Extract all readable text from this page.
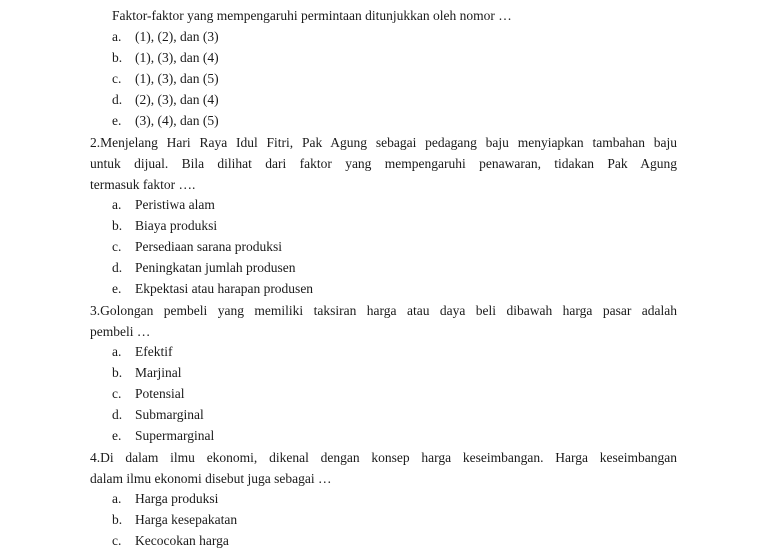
Faktor-faktor yang mempengaruhi permintaan ditunjukkan oleh nomor …
a. (1), (2), dan (3)
b. (1), (3), dan (4)
c. (1), (3), dan (5)
d. (2), (3), dan (4)
e. (3), (4), dan (5)
2.Menjelang Hari Raya Idul Fitri, Pak Agung sebagai pedagang baju menyiapkan tambahan baju
untuk dijual. Bila dilihat dari faktor yang mempengaruhi penawaran, tidakan Pak Agung
termasuk faktor ….
a. Peristiwa alam
b. Biaya produksi
c. Persediaan sarana produksi
d. Peningkatan jumlah produsen
e. Ekpektasi atau harapan produsen
3.Golongan pembeli yang memiliki taksiran harga atau daya beli dibawah harga pasar adalah
pembeli …
a. Efektif
b. Marjinal
c. Potensial
d. Submarginal
e. Supermarginal
4.Di dalam ilmu ekonomi, dikenal dengan konsep harga keseimbangan. Harga keseimbangan
dalam ilmu ekonomi disebut juga sebagai …
a. Harga produksi
b. Harga kesepakatan
c. Kecocokan harga
